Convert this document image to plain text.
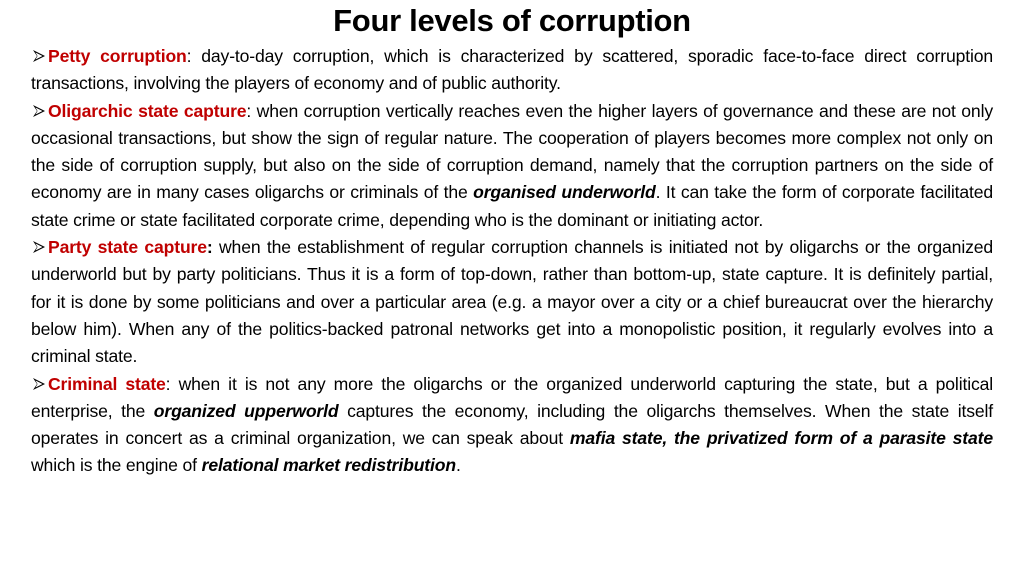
Four levels of corruption

Petty corruption: day-to-day corruption, which is characterized by scattered, sporadic face-to-face direct corruption transactions, involving the players of economy and of public authority.

Oligarchic state capture: when corruption vertically reaches even the higher layers of governance and these are not only occasional transactions, but show the sign of regular nature. The cooperation of players becomes more complex not only on the side of corruption supply, but also on the side of corruption demand, namely that the corruption partners on the side of economy are in many cases oligarchs or criminals of the organised underworld. It can take the form of corporate facilitated state crime or state facilitated corporate crime, depending who is the dominant or initiating actor.

Party state capture: when the establishment of regular corruption channels is initiated not by oligarchs or the organized underworld but by party politicians. Thus it is a form of top-down, rather than bottom-up, state capture. It is definitely partial, for it is done by some politicians and over a particular area (e.g. a mayor over a city or a chief bureaucrat over the hierarchy below him). When any of the politics-backed patronal networks get into a monopolistic position, it regularly evolves into a criminal state.

Criminal state: when it is not any more the oligarchs or the organized underworld capturing the state, but a political enterprise, the organized upperworld captures the economy, including the oligarchs themselves. When the state itself operates in concert as a criminal organization, we can speak about mafia state, the privatized form of a parasite state which is the engine of relational market redistribution.
